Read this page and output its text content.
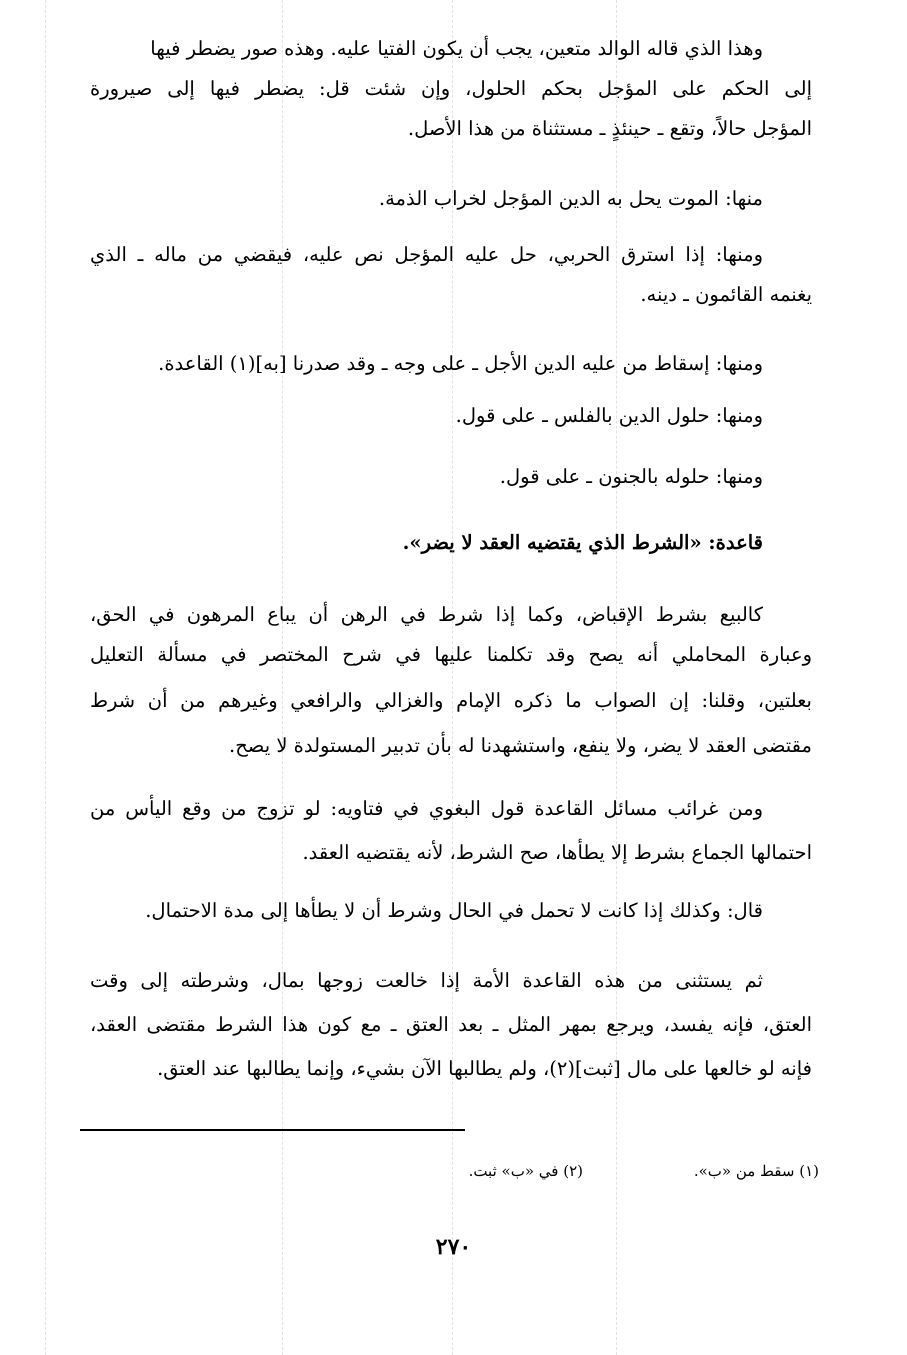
وهذا الذي قاله الوالد متعين، يجب أن يكون الفتيا عليه. وهذه صور يضطر فيها
إلى الحكم على المؤجل بحكم الحلول، وإن شئت قل: يضطر فيها إلى صيرورة
المؤجل حالاً، وتقع ـ حينئذٍ ـ مستثناة من هذا الأصل.
منها: الموت يحل به الدين المؤجل لخراب الذمة.
ومنها: إذا استرق الحربي، حل عليه المؤجل نص عليه، فيقضي من ماله ـ الذي
يغنمه القائمون ـ دينه.
ومنها: إسقاط من عليه الدين الأجل ـ على وجه ـ وقد صدرنا [به](١) القاعدة.
ومنها: حلول الدين بالفلس ـ على قول.
ومنها: حلوله بالجنون ـ على قول.
قاعدة: «الشرط الذي يقتضيه العقد لا يضر».
كالبيع بشرط الإقباض، وكما إذا شرط في الرهن أن يباع المرهون في الحق،
وعبارة المحاملي أنه يصح وقد تكلمنا عليها في شرح المختصر في مسألة التعليل
بعلتين، وقلنا: إن الصواب ما ذكره الإمام والغزالي والرافعي وغيرهم من أن شرط
مقتضى العقد لا يضر، ولا ينفع، واستشهدنا له بأن تدبير المستولدة لا يصح.
ومن غرائب مسائل القاعدة قول البغوي في فتاويه: لو تزوج من وقع اليأس من
احتمالها الجماع بشرط إلا يطأها، صح الشرط، لأنه يقتضيه العقد.
قال: وكذلك إذا كانت لا تحمل في الحال وشرط أن لا يطأها إلى مدة الاحتمال.
ثم يستثنى من هذه القاعدة الأمة إذا خالعت زوجها بمال، وشرطته إلى وقت
العتق، فإنه يفسد، ويرجع بمهر المثل ـ بعد العتق ـ مع كون هذا الشرط مقتضى العقد،
فإنه لو خالعها على مال [ثبت](٢)، ولم يطالبها الآن بشيء، وإنما يطالبها عند العتق.
(١) سقط من «ب».
(٢) في «ب» ثبت.
٢٧٠
